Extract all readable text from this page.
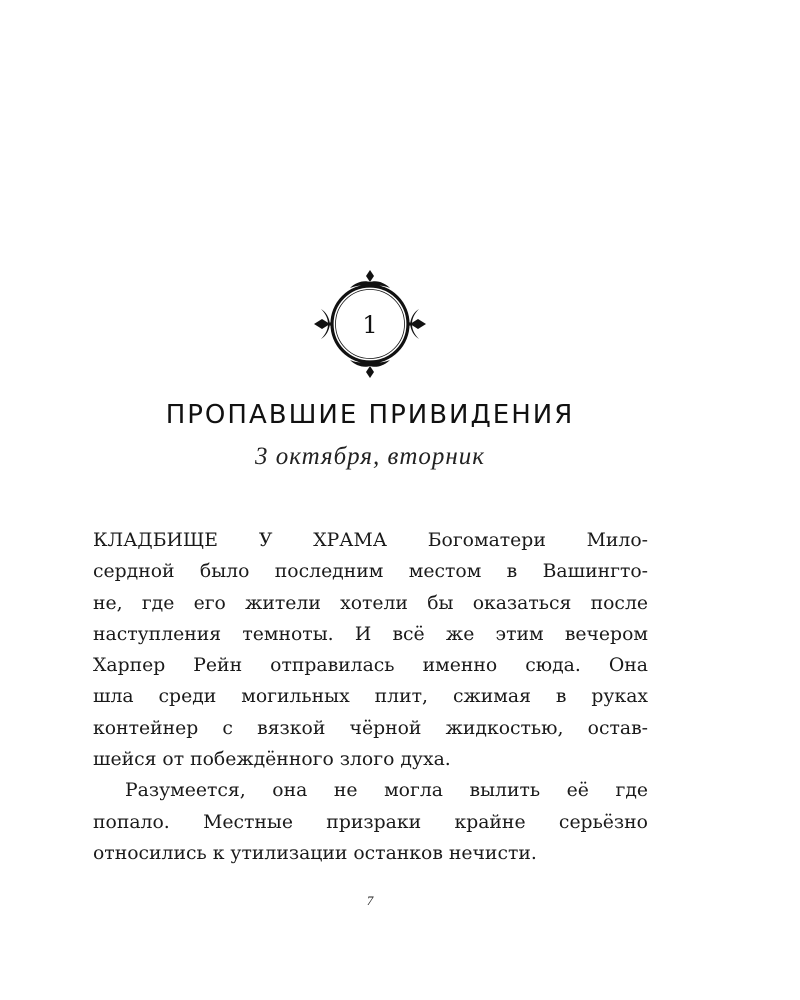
1
ПРОПАВШИЕ ПРИВИДЕНИЯ
3 октября, вторник
КЛАДБИЩЕ У ХРАМА Богоматери Мило-
сердной было последним местом в Вашингто-
не, где его жители хотели бы оказаться после
наступления темноты. И всё же этим вечером
Харпер Рейн отправилась именно сюда. Она
шла среди могильных плит, сжимая в руках
контейнер с вязкой чёрной жидкостью, остав-
шейся от побеждённого злого духа.
Разумеется, она не могла вылить её где
попало. Местные призраки крайне серьёзно
относились к утилизации останков нечисти.
7
